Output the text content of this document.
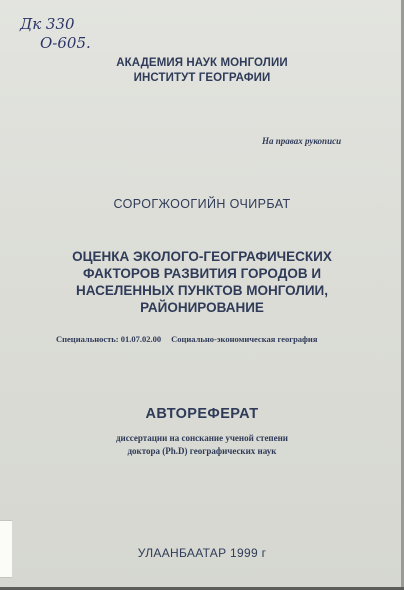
Дк 330
О-605.
АКАДЕМИЯ НАУК МОНГОЛИИ
ИНСТИТУТ ГЕОГРАФИИ
На правах рукописи
СОРОГЖООГИЙН ОЧИРБАТ
ОЦЕНКА ЭКОЛОГО-ГЕОГРАФИЧЕСКИХ
ФАКТОРОВ РАЗВИТИЯ ГОРОДОВ И
НАСЕЛЕННЫХ ПУНКТОВ МОНГОЛИИ,
РАЙОНИРОВАНИЕ
Специальность: 01.07.02.00 Социально-экономическая география
АВТОРЕФЕРАТ
диссертации на сонскание ученой степени
доктора (Ph.D) географических наук
УЛААНБААТАР 1999 г
